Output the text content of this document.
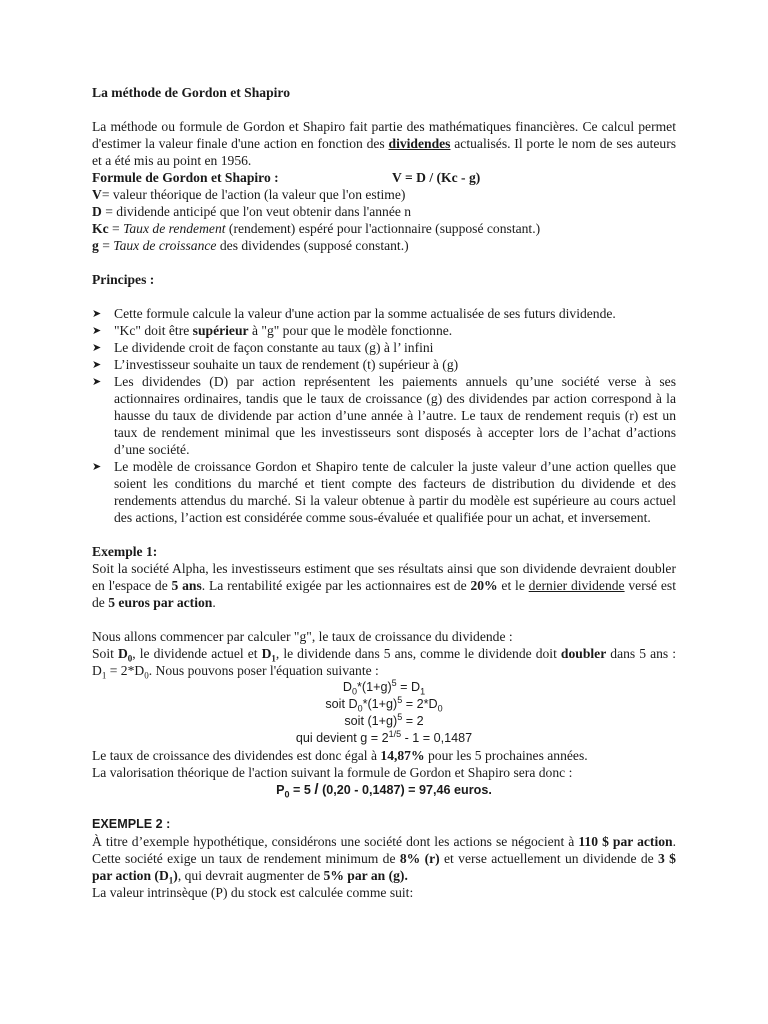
La méthode de Gordon et Shapiro

La méthode ou formule de Gordon et Shapiro fait partie des mathématiques financières. Ce calcul permet d'estimer la valeur finale d'une action en fonction des dividendes actualisés. Il porte le nom de ses auteurs et a été mis au point en 1956.

Formule de Gordon et Shapiro :	V = D / (Kc - g)

V= valeur théorique de l'action (la valeur que l'on estime)

D = dividende anticipé que l'on veut obtenir dans l'année n

Kc = Taux de rendement (rendement) espéré pour l'actionnaire (supposé constant.)

g = Taux de croissance des dividendes (supposé constant.)

Principes :

➤ Cette formule calcule la valeur d'une action par la somme actualisée de ses futurs dividende.
➤ "Kc" doit être supérieur à "g" pour que le modèle fonctionne.
➤ Le dividende croit de façon constante au taux (g) à l’ infini
➤ L’investisseur souhaite un taux de rendement (t) supérieur à (g)
➤ Les dividendes (D) par action représentent les paiements annuels qu’une société verse à ses actionnaires ordinaires, tandis que le taux de croissance (g) des dividendes par action correspond à la hausse du taux de dividende par action d’une année à l’autre. Le taux de rendement requis (r) est un taux de rendement minimal que les investisseurs sont disposés à accepter lors de l’achat d’actions d’une société.
➤ Le modèle de croissance Gordon et Shapiro tente de calculer la juste valeur d’une action quelles que soient les conditions du marché et tient compte des facteurs de distribution du dividende et des rendements attendus du marché. Si la valeur obtenue à partir du modèle est supérieure au cours actuel des actions, l’action est considérée comme sous-évaluée et qualifiée pour un achat, et inversement.

Exemple 1:

Soit la société Alpha, les investisseurs estiment que ses résultats ainsi que son dividende devraient doubler en l'espace de 5 ans. La rentabilité exigée par les actionnaires est de 20% et le dernier dividende versé est de 5 euros par action.

Nous allons commencer par calculer "g", le taux de croissance du dividende :

Soit $D_0$, le dividende actuel et $D_1$, le dividende dans 5 ans, comme le dividende doit doubler dans 5 ans : $D_1 = 2*D_0$. Nous pouvons poser l'équation suivante :

$D_0*(1+g)^5 = D_1$

soit $D_0*(1+g)^5 = 2*D_0$

soit $(1+g)^5 = 2$

qui devient $g = 2^{1/5} - 1 = 0,1487$

Le taux de croissance des dividendes est donc égal à 14,87% pour les 5 prochaines années.

La valorisation théorique de l'action suivant la formule de Gordon et Shapiro sera donc :

$P_0 = 5 / (0,20 - 0,1487) = 97,46$ euros.

EXEMPLE 2 :

À titre d’exemple hypothétique, considérons une société dont les actions se négocient à 110 $ par action. Cette société exige un taux de rendement minimum de 8% (r) et verse actuellement un dividende de 3 $ par action $(D_1)$, qui devrait augmenter de 5% par an (g).

La valeur intrinsèque (P) du stock est calculée comme suit:
